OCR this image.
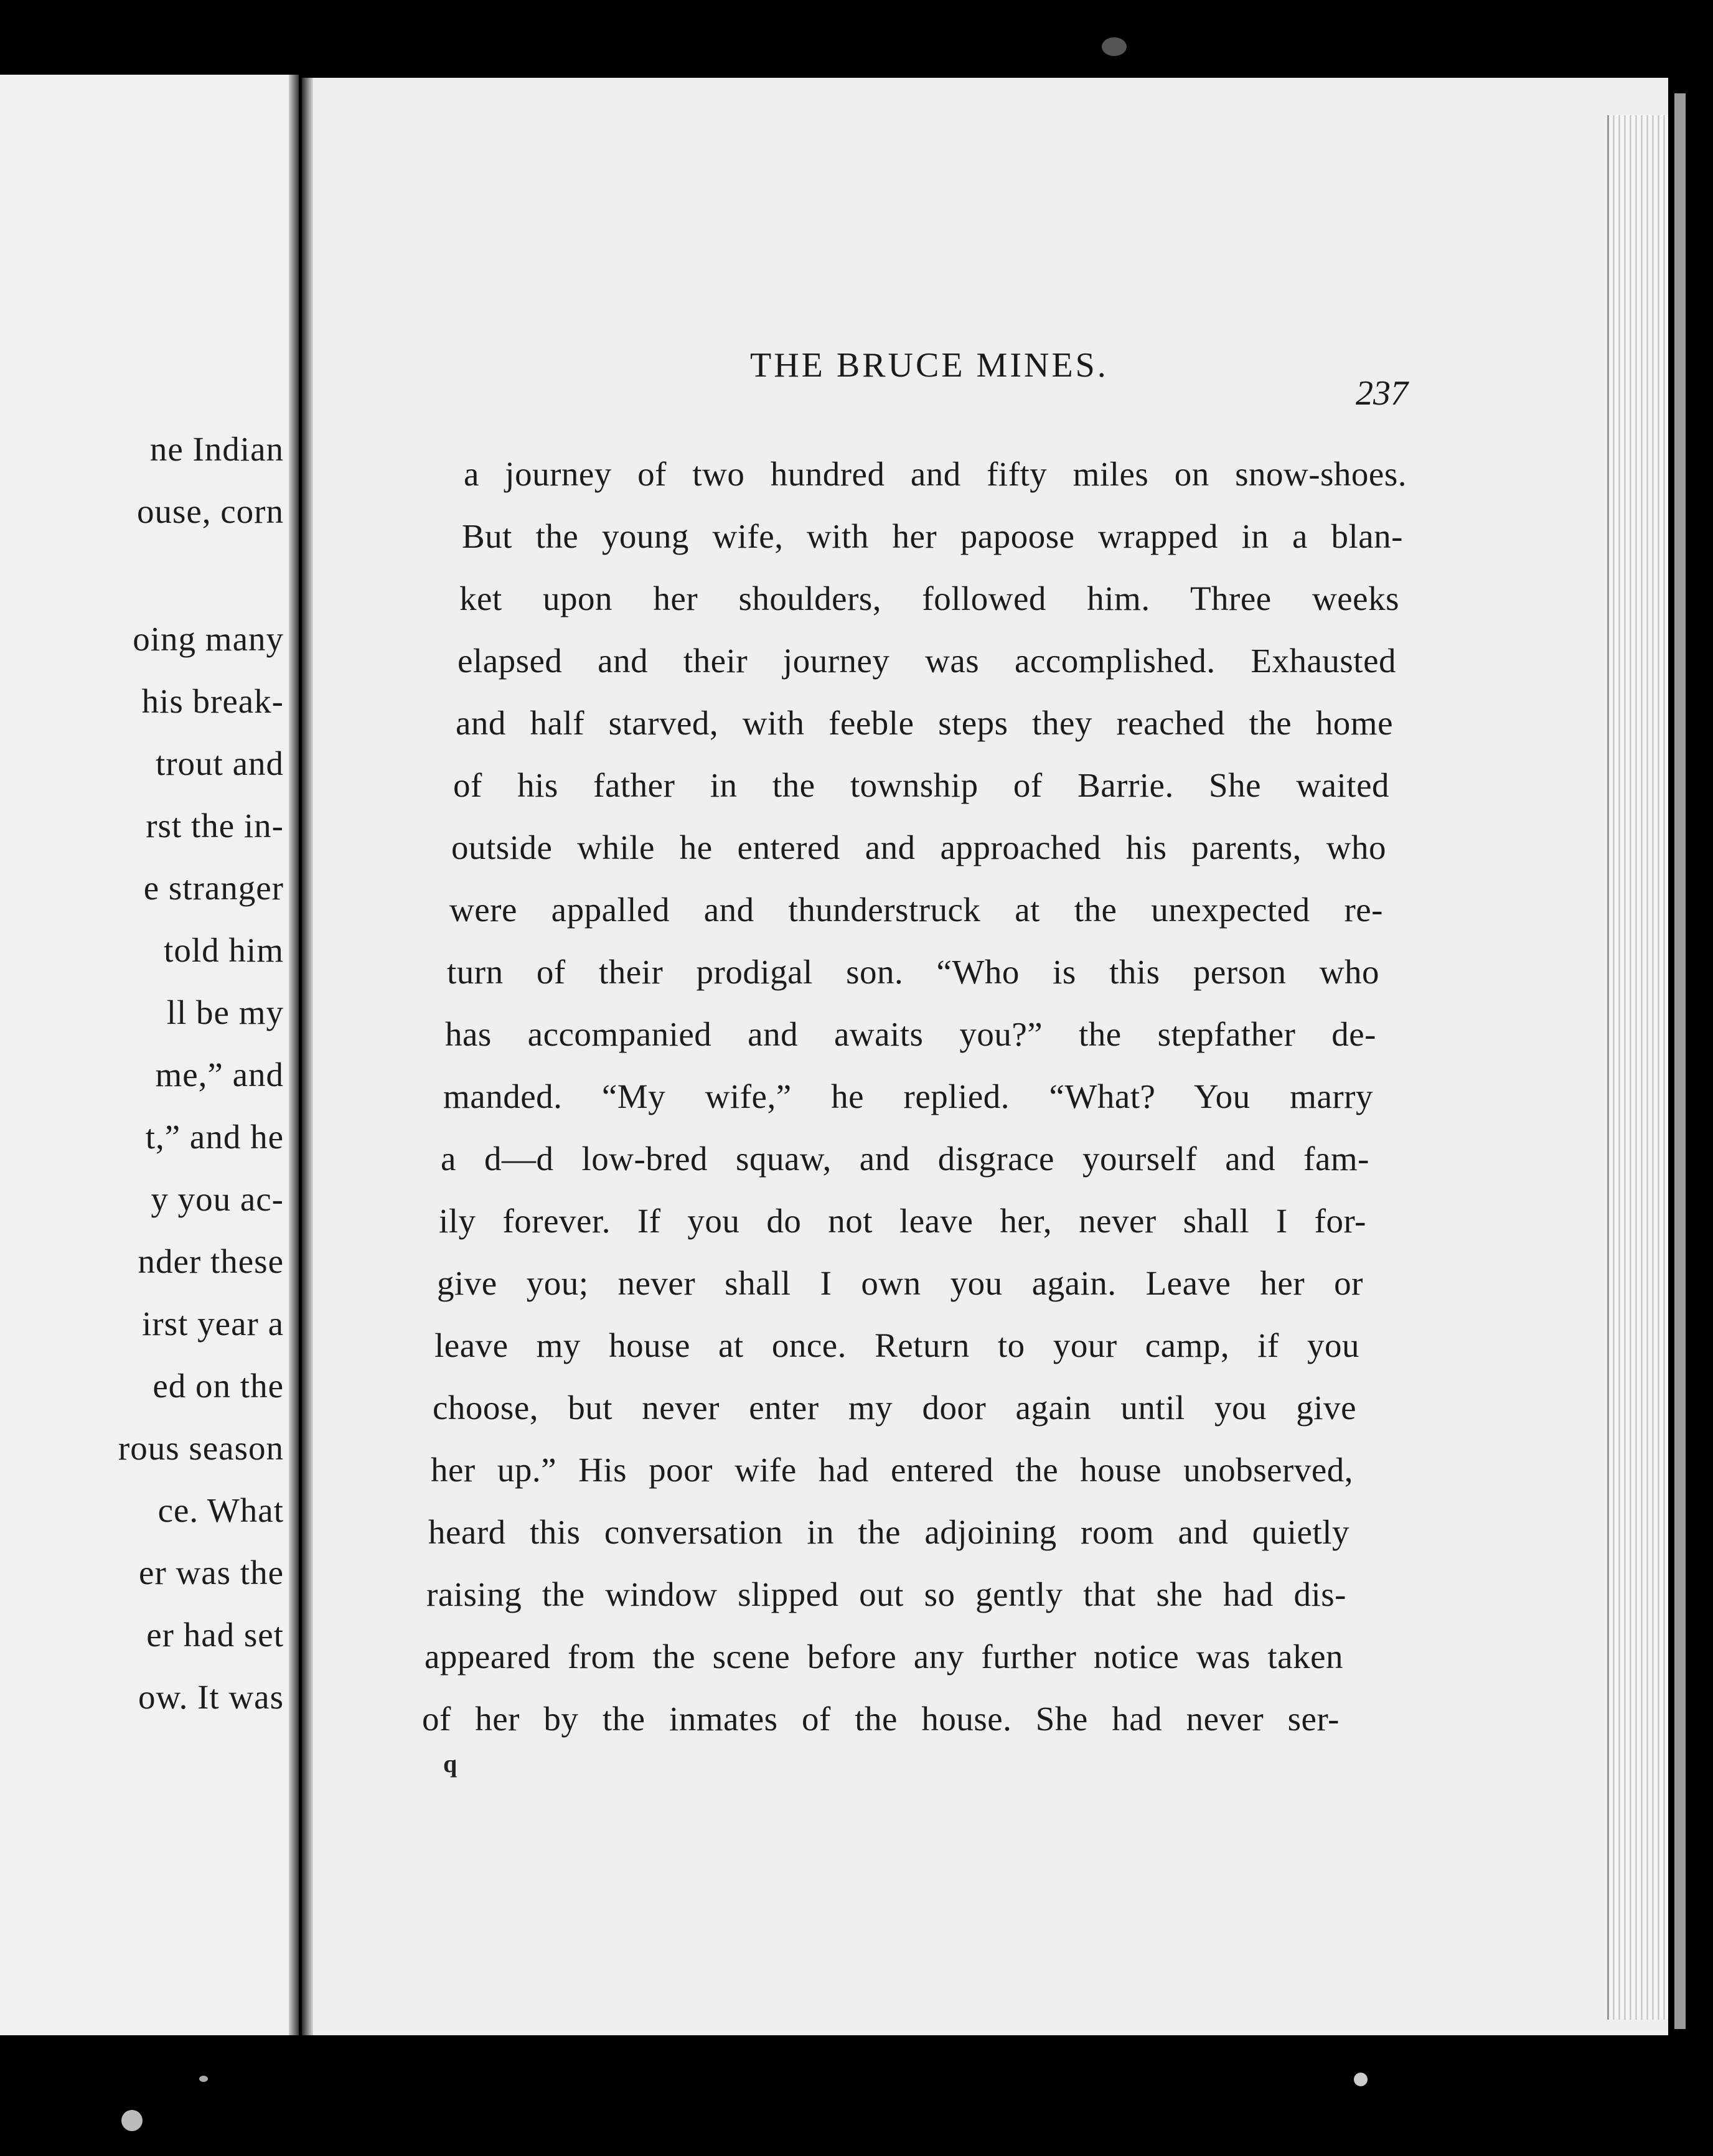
ne Indian

ouse, corn

oing many

his break-

trout and

rst the in-

e stranger

told him

ll be my

me,” and

t,” and he

y you ac-

nder these

irst year a

ed on the

rous season

ce. What

er was the

er had set

ow. It was

THE BRUCE MINES.

237

a journey of two hundred and fifty miles on snow-shoes.

But the young wife, with her papoose wrapped in a blan-

ket upon her shoulders, followed him. Three weeks

elapsed and their journey was accomplished. Exhausted

and half starved, with feeble steps they reached the home

of his father in the township of Barrie. She waited

outside while he entered and approached his parents, who

were appalled and thunderstruck at the unexpected re-

turn of their prodigal son. “Who is this person who

has accompanied and awaits you?” the stepfather de-

manded. “My wife,” he replied. “What? You marry

a d—d low-bred squaw, and disgrace yourself and fam-

ily forever. If you do not leave her, never shall I for-

give you; never shall I own you again. Leave her or

leave my house at once. Return to your camp, if you

choose, but never enter my door again until you give

her up.” His poor wife had entered the house unobserved,

heard this conversation in the adjoining room and quietly

raising the window slipped out so gently that she had dis-

appeared from the scene before any further notice was taken

of her by the inmates of the house. She had never ser-

q
